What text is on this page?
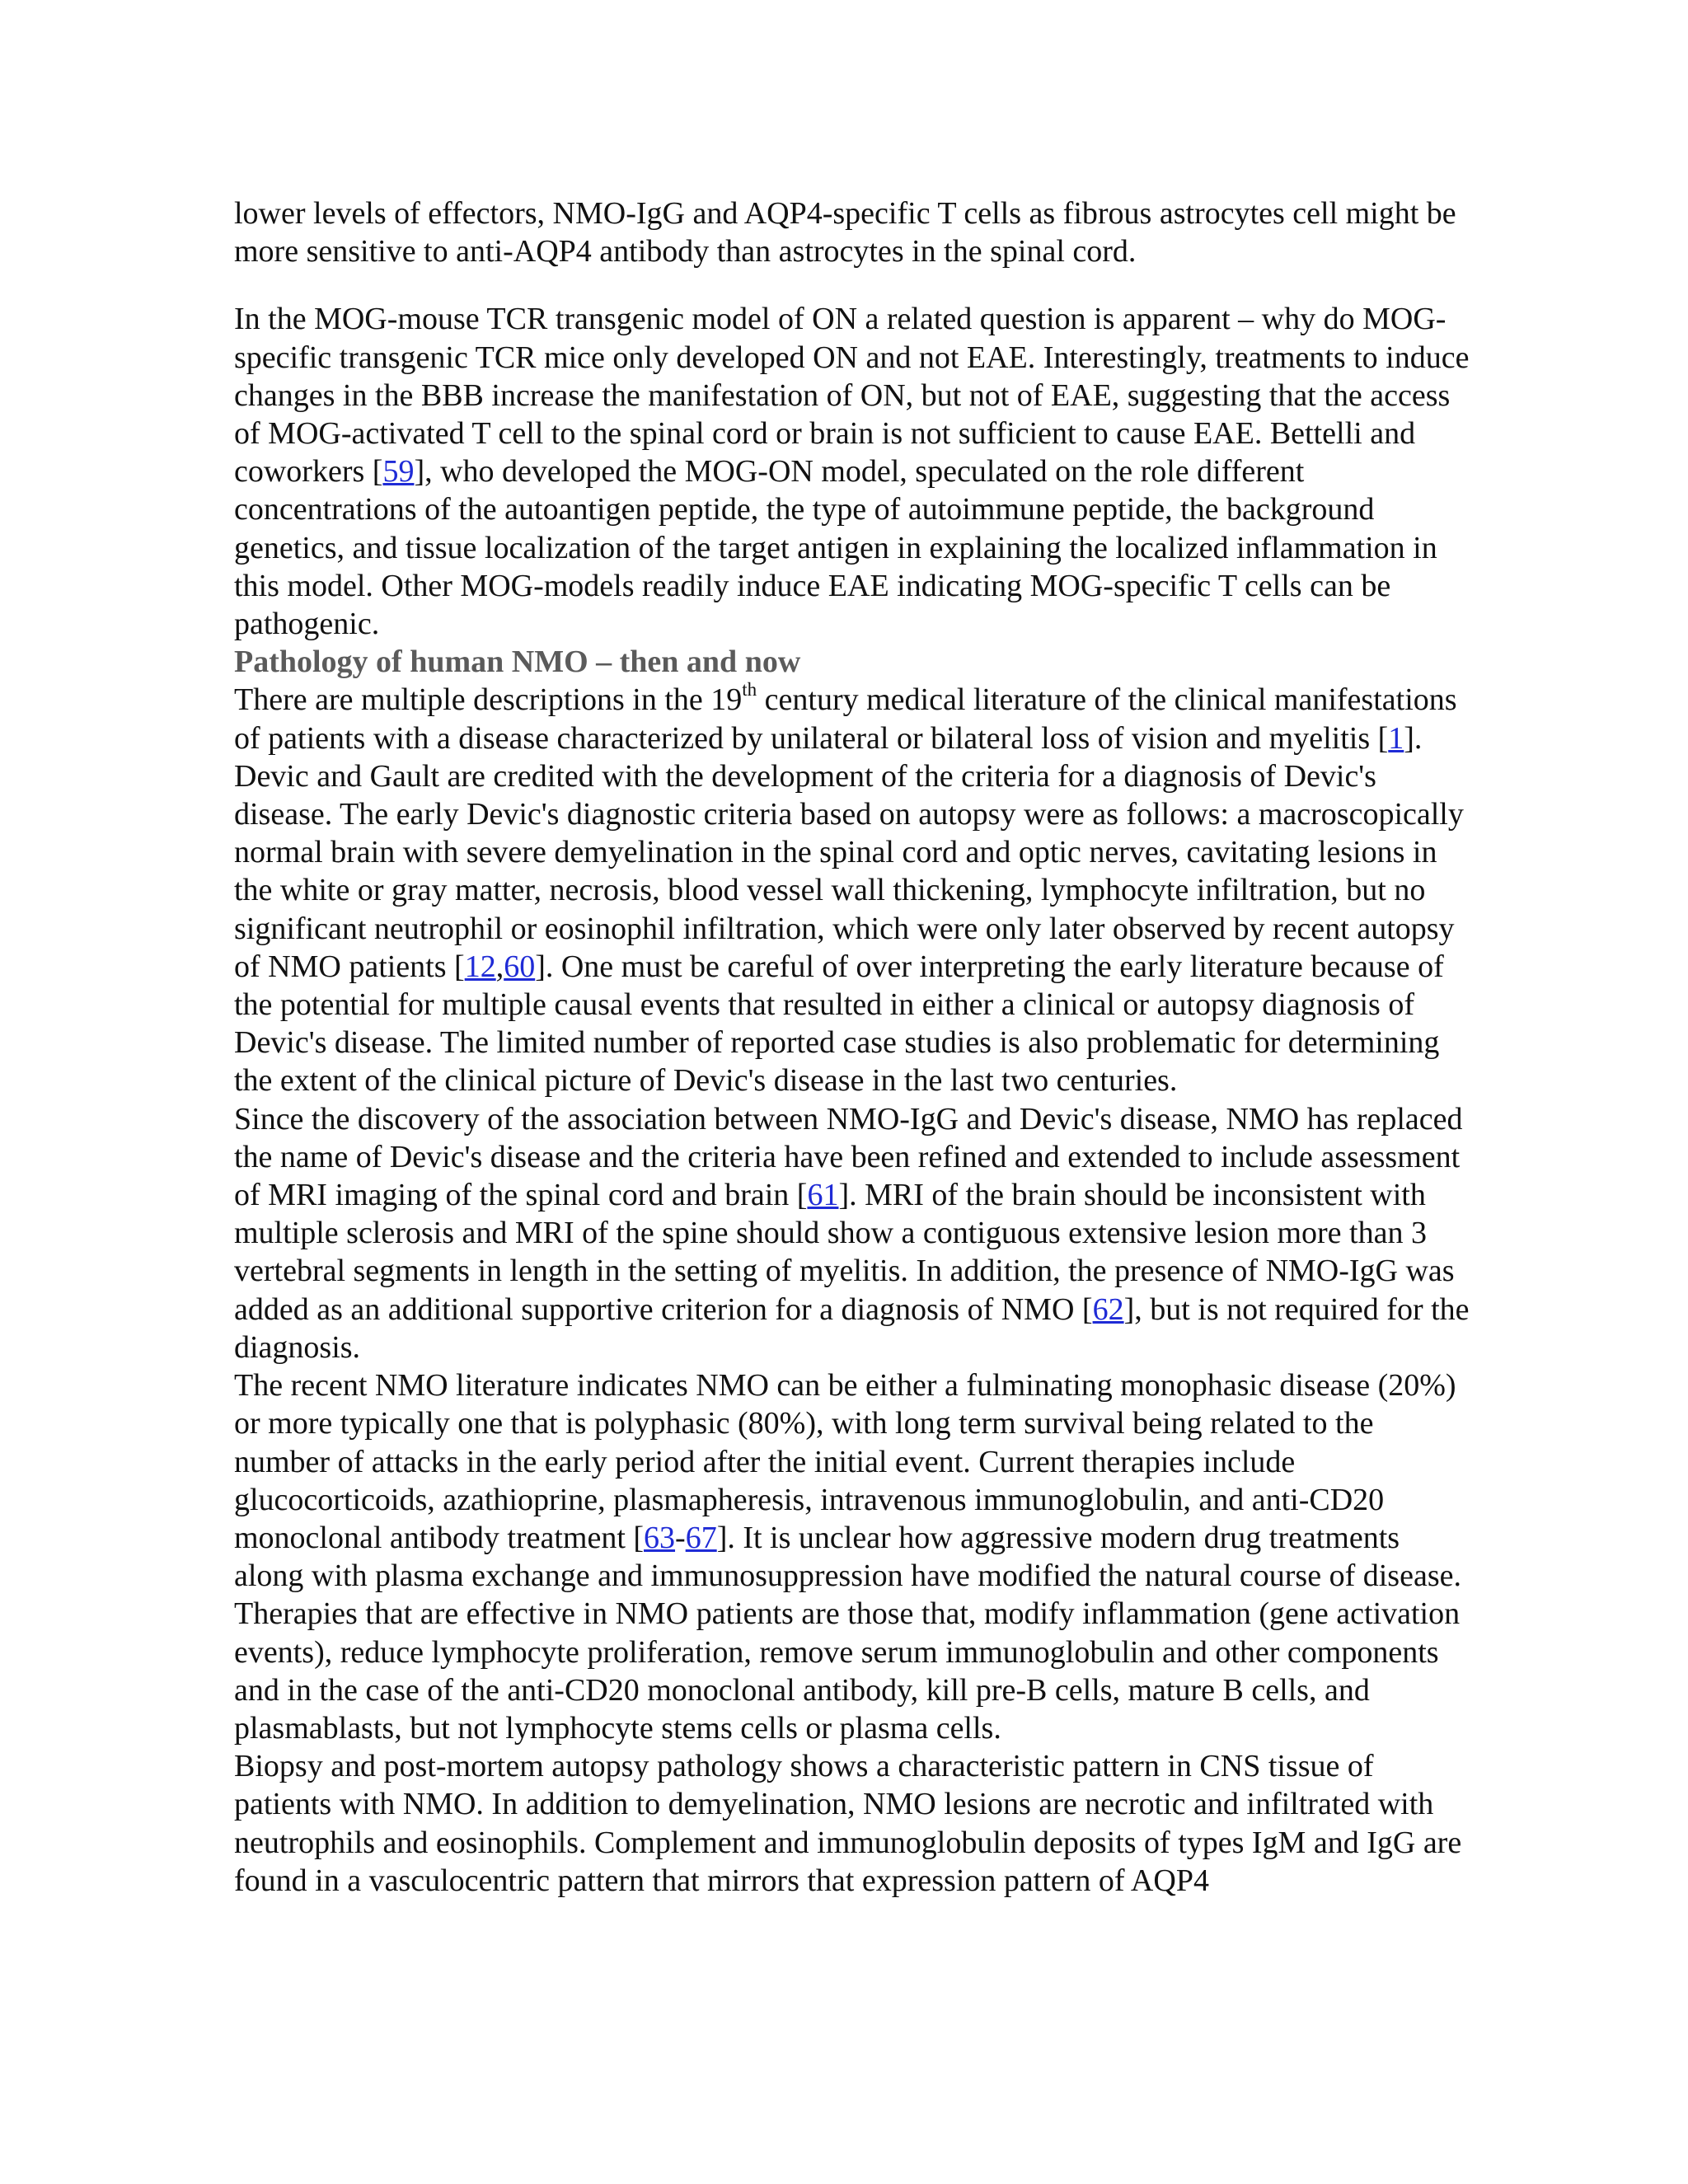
lower levels of effectors, NMO-IgG and AQP4-specific T cells as fibrous astrocytes cell might be more sensitive to anti-AQP4 antibody than astrocytes in the spinal cord.

In the MOG-mouse TCR transgenic model of ON a related question is apparent – why do MOG-specific transgenic TCR mice only developed ON and not EAE. Interestingly, treatments to induce changes in the BBB increase the manifestation of ON, but not of EAE, suggesting that the access of MOG-activated T cell to the spinal cord or brain is not sufficient to cause EAE. Bettelli and coworkers [59], who developed the MOG-ON model, speculated on the role different concentrations of the autoantigen peptide, the type of autoimmune peptide, the background genetics, and tissue localization of the target antigen in explaining the localized inflammation in this model. Other MOG-models readily induce EAE indicating MOG-specific T cells can be pathogenic.

Pathology of human NMO – then and now

There are multiple descriptions in the 19th century medical literature of the clinical manifestations of patients with a disease characterized by unilateral or bilateral loss of vision and myelitis [1]. Devic and Gault are credited with the development of the criteria for a diagnosis of Devic's disease. The early Devic's diagnostic criteria based on autopsy were as follows: a macroscopically normal brain with severe demyelination in the spinal cord and optic nerves, cavitating lesions in the white or gray matter, necrosis, blood vessel wall thickening, lymphocyte infiltration, but no significant neutrophil or eosinophil infiltration, which were only later observed by recent autopsy of NMO patients [12,60]. One must be careful of over interpreting the early literature because of the potential for multiple causal events that resulted in either a clinical or autopsy diagnosis of Devic's disease. The limited number of reported case studies is also problematic for determining the extent of the clinical picture of Devic's disease in the last two centuries.

Since the discovery of the association between NMO-IgG and Devic's disease, NMO has replaced the name of Devic's disease and the criteria have been refined and extended to include assessment of MRI imaging of the spinal cord and brain [61]. MRI of the brain should be inconsistent with multiple sclerosis and MRI of the spine should show a contiguous extensive lesion more than 3 vertebral segments in length in the setting of myelitis. In addition, the presence of NMO-IgG was added as an additional supportive criterion for a diagnosis of NMO [62], but is not required for the diagnosis.

The recent NMO literature indicates NMO can be either a fulminating monophasic disease (20%) or more typically one that is polyphasic (80%), with long term survival being related to the number of attacks in the early period after the initial event. Current therapies include glucocorticoids, azathioprine, plasmapheresis, intravenous immunoglobulin, and anti-CD20 monoclonal antibody treatment [63-67]. It is unclear how aggressive modern drug treatments along with plasma exchange and immunosuppression have modified the natural course of disease. Therapies that are effective in NMO patients are those that, modify inflammation (gene activation events), reduce lymphocyte proliferation, remove serum immunoglobulin and other components and in the case of the anti-CD20 monoclonal antibody, kill pre-B cells, mature B cells, and plasmablasts, but not lymphocyte stems cells or plasma cells.

Biopsy and post-mortem autopsy pathology shows a characteristic pattern in CNS tissue of patients with NMO. In addition to demyelination, NMO lesions are necrotic and infiltrated with neutrophils and eosinophils. Complement and immunoglobulin deposits of types IgM and IgG are found in a vasculocentric pattern that mirrors that expression pattern of AQP4
